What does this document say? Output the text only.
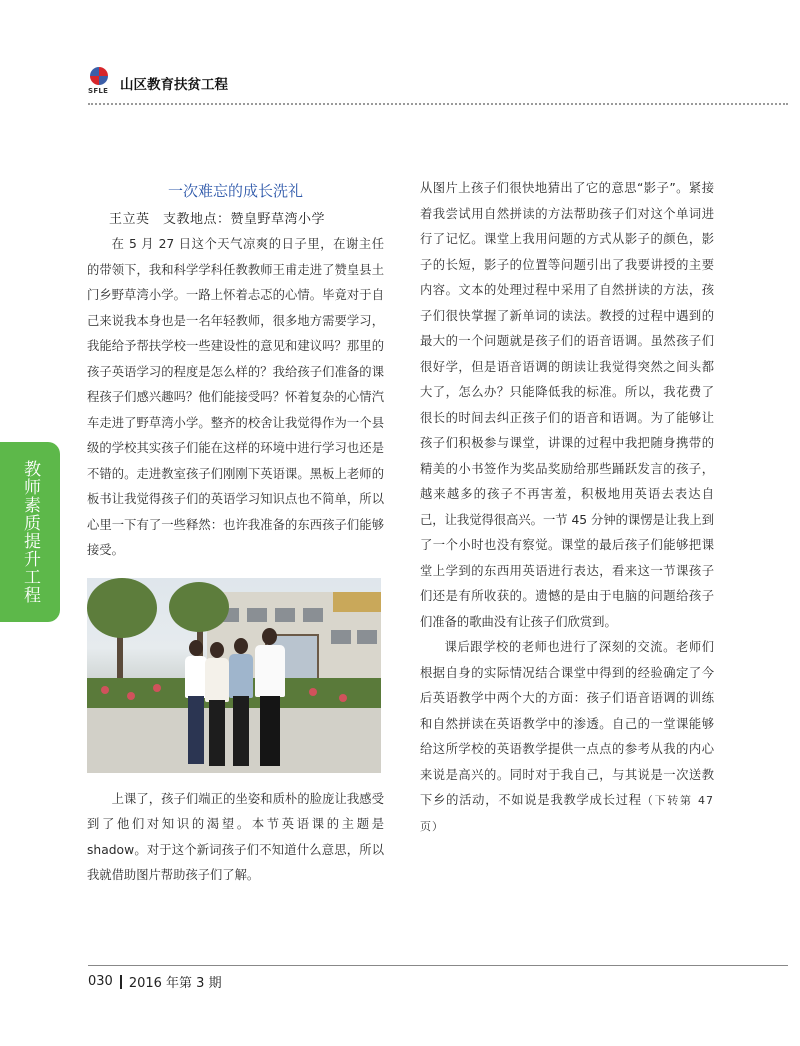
SFLE 山区教育扶贫工程
教师素质提升工程
一次难忘的成长洗礼
王立英　支教地点：赞皇野草湾小学

在 5 月 27 日这个天气凉爽的日子里，在谢主任的带领下，我和科学学科任教教师王甫走进了赞皇县土门乡野草湾小学。一路上怀着忐忑的心情。毕竟对于自己来说我本身也是一名年轻教师，很多地方需要学习，我能给予帮扶学校一些建设性的意见和建议吗？那里的孩子英语学习的程度是怎么样的？我给孩子们准备的课程孩子们感兴趣吗？他们能接受吗？怀着复杂的心情汽车走进了野草湾小学。整齐的校舍让我觉得作为一个县级的学校其实孩子们能在这样的环境中进行学习也还是不错的。走进教室孩子们刚刚下英语课。黑板上老师的板书让我觉得孩子们的英语学习知识点也不简单，所以心里一下有了一些释然：也许我准备的东西孩子们能够接受。

上课了，孩子们端正的坐姿和质朴的脸庞让我感受到了他们对知识的渴望。本节英语课的主题是 shadow。对于这个新词孩子们不知道什么意思，所以我就借助图片帮助孩子们了解。

从图片上孩子们很快地猜出了它的意思“影子”。紧接着我尝试用自然拼读的方法帮助孩子们对这个单词进行了记忆。课堂上我用问题的方式从影子的颜色，影子的长短，影子的位置等问题引出了我要讲授的主要内容。文本的处理过程中采用了自然拼读的方法，孩子们很快掌握了新单词的读法。教授的过程中遇到的最大的一个问题就是孩子们的语音语调。虽然孩子们很好学，但是语音语调的朗读让我觉得突然之间头都大了，怎么办？只能降低我的标准。所以，我花费了很长的时间去纠正孩子们的语音和语调。为了能够让孩子们积极参与课堂，讲课的过程中我把随身携带的精美的小书签作为奖品奖励给那些踊跃发言的孩子，越来越多的孩子不再害羞，积极地用英语去表达自己，让我觉得很高兴。一节 45 分钟的课愣是让我上到了一个小时也没有察觉。课堂的最后孩子们能够把课堂上学到的东西用英语进行表达，看来这一节课孩子们还是有所收获的。遗憾的是由于电脑的问题给孩子们准备的歌曲没有让孩子们欣赏到。

课后跟学校的老师也进行了深刻的交流。老师们根据自身的实际情况结合课堂中得到的经验确定了今后英语教学中两个大的方面：孩子们语音语调的训练和自然拼读在英语教学中的渗透。自己的一堂课能够给这所学校的英语教学提供一点点的参考从我的内心来说是高兴的。同时对于我自己，与其说是一次送教下乡的活动，不如说是我教学成长过程（下转第 47 页）

030 2016 年第 3 期
